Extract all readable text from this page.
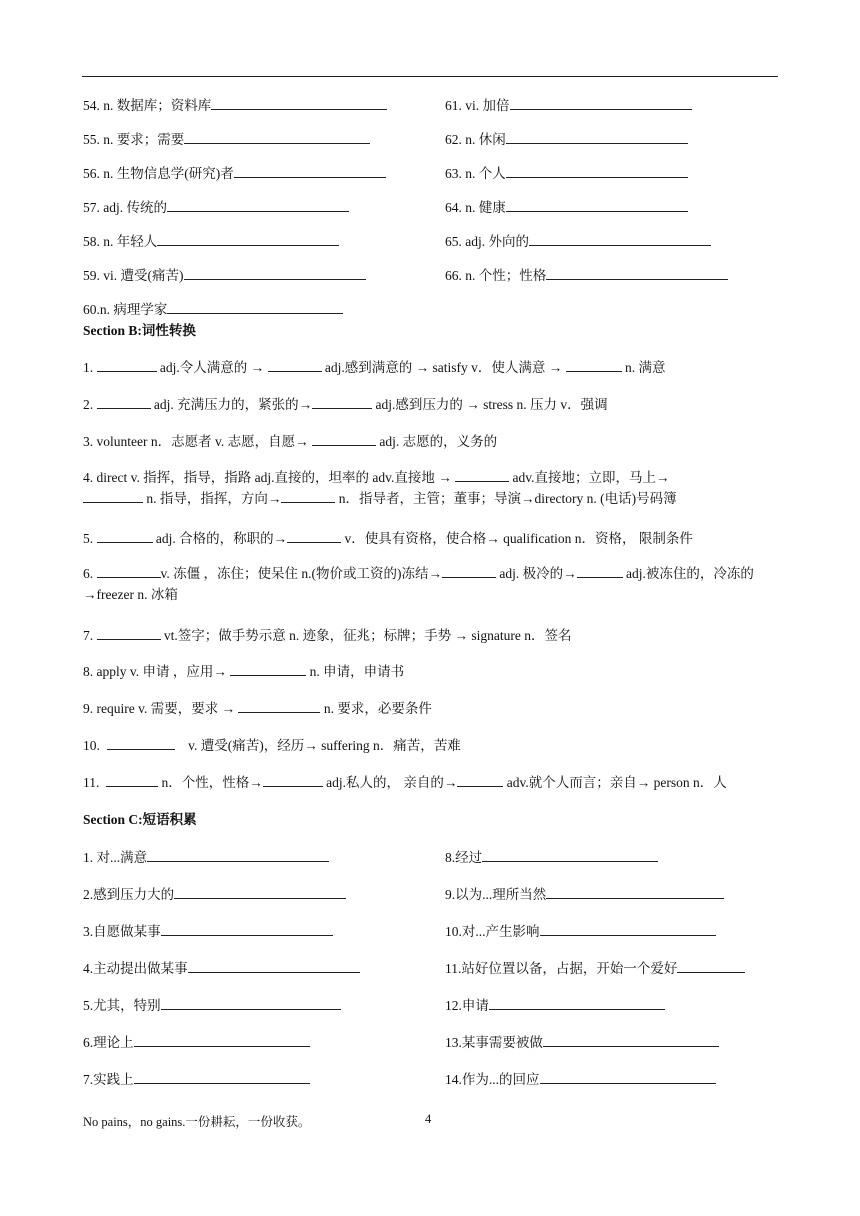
54. n. 数据库；资料库
55. n. 要求；需要
56. n. 生物信息学(研究)者
57. adj. 传统的
58. n. 年轻人
59. vi. 遭受(痛苦)
60.n. 病理学家
61. vi. 加倍
62. n. 休闲
63. n. 个人
64. n. 健康
65. adj. 外向的
66. n. 个性；性格
Section B:词性转换
1.	adj.令人满意的 →	adj.感到满意的 → satisfy v．使人满意 →	n. 满意
2.	adj. 充满压力的，紧张的→	adj.感到压力的 → stress n. 压力 v．强调
3. volunteer n．志愿者 v. 志愿，自愿→	adj. 志愿的，义务的
4. direct v. 指挥，指导，指路 adj.直接的，坦率的 adv.直接地 →	adv.直接地；立即，马上→
n. 指导，指挥，方向→	n．指导者，主管；董事；导演→directory n. (电话)号码簿
5.	adj. 合格的，称职的→	v．使具有资格，使合格→ qualification n．资格， 限制条件
6.	v. 冻僵 ，冻住；使呆住 n.(物价或工资的)冻结→	adj. 极冷的→	adj.被冻住的，冷冻的→freezer n. 冰箱
7.	vt.签字；做手势示意 n. 迹象，征兆；标牌；手势 → signature n．签名
8. apply v. 申请 ，应用→	n. 申请，申请书
9. require v. 需要，要求 →	n. 要求，必要条件
10.	v. 遭受(痛苦)，经历→ suffering n．痛苦，苦难
11.	n．个性，性格→	adj.私人的， 亲自的→	adv.就个人而言；亲自→ person n．人
Section C:短语积累
1. 对...满意
2.感到压力大的
3.自愿做某事
4.主动提出做某事
5.尤其，特别
6.理论上
7.实践上
8.经过
9.以为...理所当然
10.对...产生影响
11.站好位置以备，占据，开始一个爱好
12.申请
13.某事需要被做
14.作为...的回应
No pains，no gains.一份耕耘，一份收获。	4
